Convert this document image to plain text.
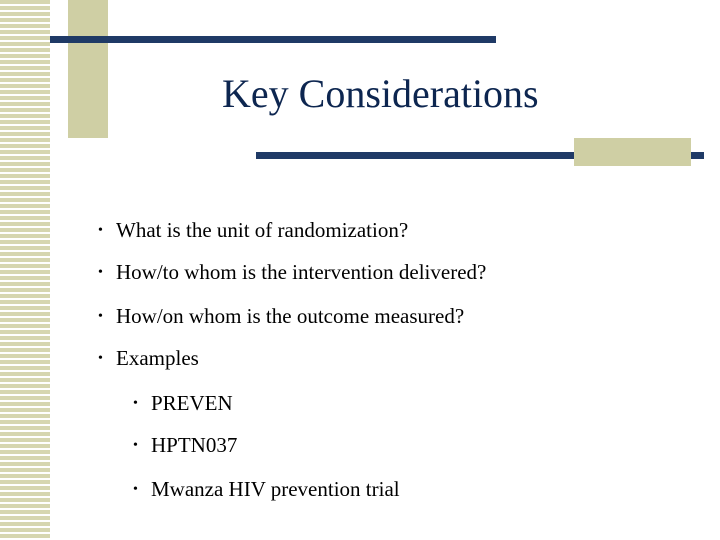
Key Considerations
• What is the unit of randomization?
• How/to whom is the intervention delivered?
• How/on whom is the outcome measured?
• Examples
• PREVEN
• HPTN037
• Mwanza HIV prevention trial
